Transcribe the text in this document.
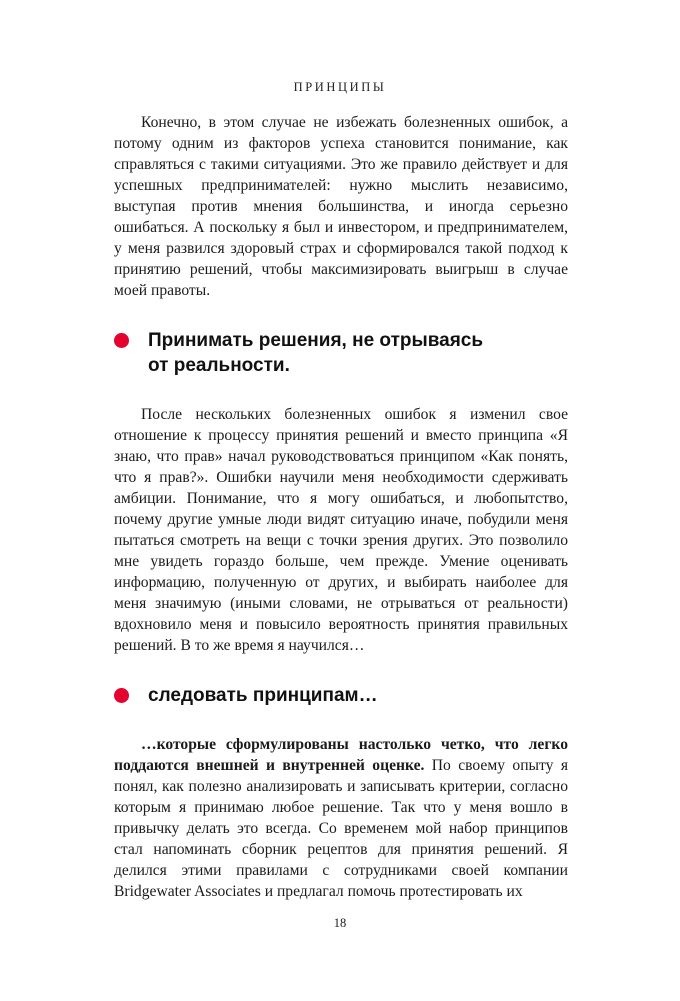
ПРИНЦИПЫ

Конечно, в этом случае не избежать болезненных ошибок, а потому одним из факторов успеха становится понимание, как справляться с такими ситуациями. Это же правило действует и для успешных предпринимателей: нужно мыслить независимо, выступая против мнения большинства, и иногда серьезно ошибаться. А поскольку я был и инвестором, и предпринимателем, у меня развился здоровый страх и сформировался такой подход к принятию решений, чтобы максимизировать выигрыш в случае моей правоты.

Принимать решения, не отрываясь от реальности.

После нескольких болезненных ошибок я изменил свое отношение к процессу принятия решений и вместо принципа «Я знаю, что прав» начал руководствоваться принципом «Как понять, что я прав?». Ошибки научили меня необходимости сдерживать амбиции. Понимание, что я могу ошибаться, и любопытство, почему другие умные люди видят ситуацию иначе, побудили меня пытаться смотреть на вещи с точки зрения других. Это позволило мне увидеть гораздо больше, чем прежде. Умение оценивать информацию, полученную от других, и выбирать наиболее для меня значимую (иными словами, не отрываться от реальности) вдохновило меня и повысило вероятность принятия правильных решений. В то же время я научился…

следовать принципам…

…которые сформулированы настолько четко, что легко поддаются внешней и внутренней оценке. По своему опыту я понял, как полезно анализировать и записывать критерии, согласно которым я принимаю любое решение. Так что у меня вошло в привычку делать это всегда. Со временем мой набор принципов стал напоминать сборник рецептов для принятия решений. Я делился этими правилами с сотрудниками своей компании Bridgewater Associates и предлагал помочь протестировать их

18
